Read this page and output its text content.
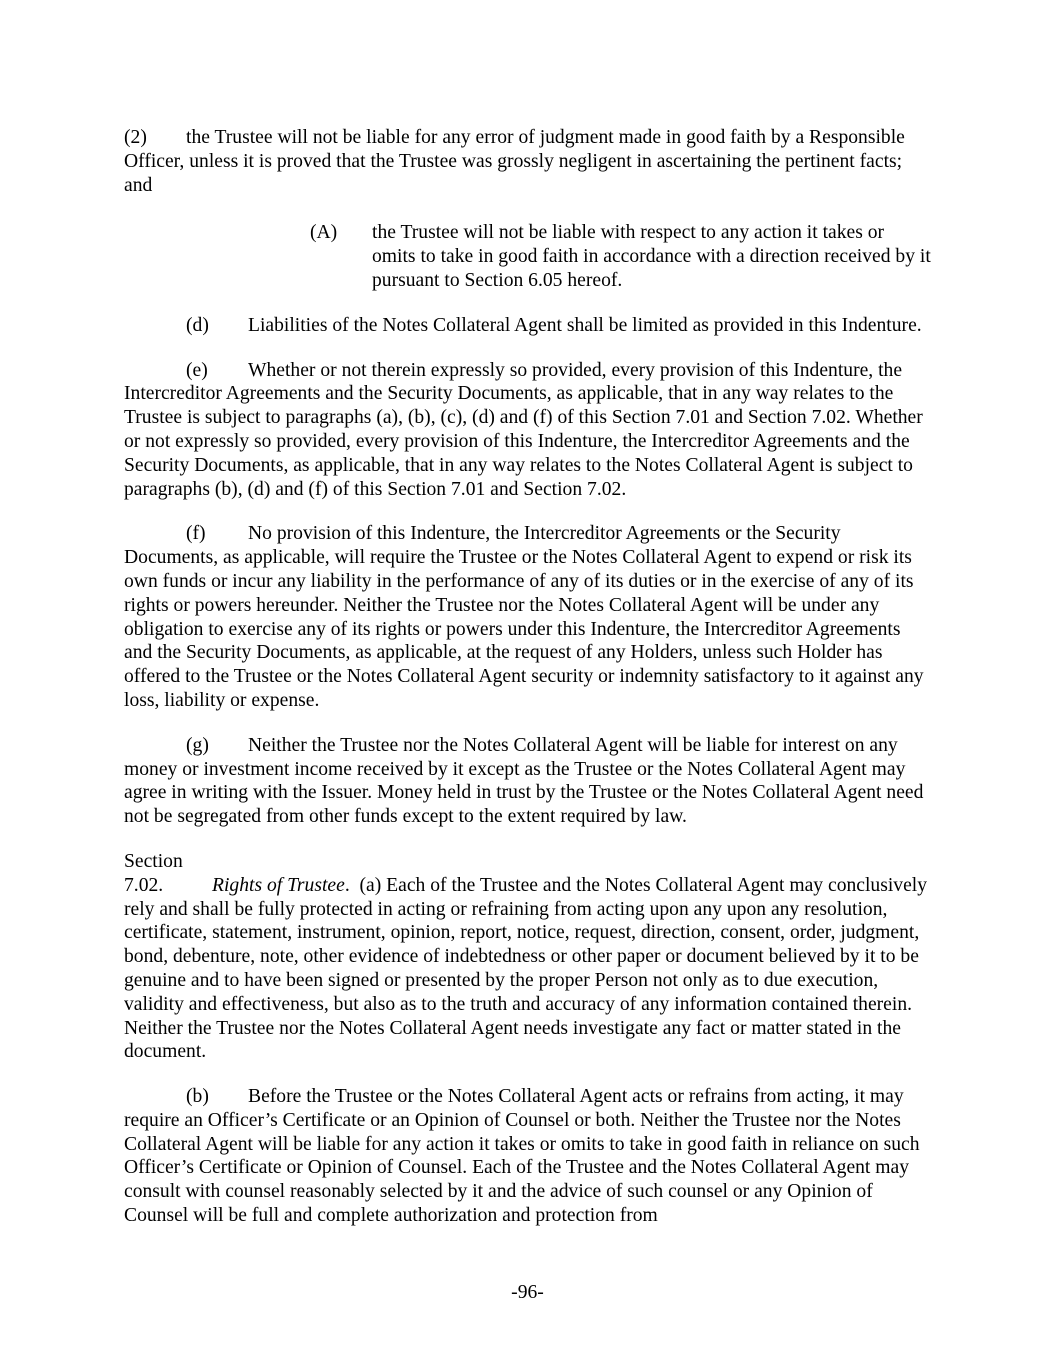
(2) the Trustee will not be liable for any error of judgment made in good faith by a Responsible Officer, unless it is proved that the Trustee was grossly negligent in ascertaining the pertinent facts; and

(A) the Trustee will not be liable with respect to any action it takes or omits to take in good faith in accordance with a direction received by it pursuant to Section 6.05 hereof.

(d) Liabilities of the Notes Collateral Agent shall be limited as provided in this Indenture.

(e) Whether or not therein expressly so provided, every provision of this Indenture, the Intercreditor Agreements and the Security Documents, as applicable, that in any way relates to the Trustee is subject to paragraphs (a), (b), (c), (d) and (f) of this Section 7.01 and Section 7.02. Whether or not expressly so provided, every provision of this Indenture, the Intercreditor Agreements and the Security Documents, as applicable, that in any way relates to the Notes Collateral Agent is subject to paragraphs (b), (d) and (f) of this Section 7.01 and Section 7.02.

(f) No provision of this Indenture, the Intercreditor Agreements or the Security Documents, as applicable, will require the Trustee or the Notes Collateral Agent to expend or risk its own funds or incur any liability in the performance of any of its duties or in the exercise of any of its rights or powers hereunder. Neither the Trustee nor the Notes Collateral Agent will be under any obligation to exercise any of its rights or powers under this Indenture, the Intercreditor Agreements and the Security Documents, as applicable, at the request of any Holders, unless such Holder has offered to the Trustee or the Notes Collateral Agent security or indemnity satisfactory to it against any loss, liability or expense.

(g) Neither the Trustee nor the Notes Collateral Agent will be liable for interest on any money or investment income received by it except as the Trustee or the Notes Collateral Agent may agree in writing with the Issuer. Money held in trust by the Trustee or the Notes Collateral Agent need not be segregated from other funds except to the extent required by law.

Section 7.02. Rights of Trustee. (a) Each of the Trustee and the Notes Collateral Agent may conclusively rely and shall be fully protected in acting or refraining from acting upon any upon any resolution, certificate, statement, instrument, opinion, report, notice, request, direction, consent, order, judgment, bond, debenture, note, other evidence of indebtedness or other paper or document believed by it to be genuine and to have been signed or presented by the proper Person not only as to due execution, validity and effectiveness, but also as to the truth and accuracy of any information contained therein. Neither the Trustee nor the Notes Collateral Agent needs investigate any fact or matter stated in the document.

(b) Before the Trustee or the Notes Collateral Agent acts or refrains from acting, it may require an Officer’s Certificate or an Opinion of Counsel or both. Neither the Trustee nor the Notes Collateral Agent will be liable for any action it takes or omits to take in good faith in reliance on such Officer’s Certificate or Opinion of Counsel. Each of the Trustee and the Notes Collateral Agent may consult with counsel reasonably selected by it and the advice of such counsel or any Opinion of Counsel will be full and complete authorization and protection from

-96-
